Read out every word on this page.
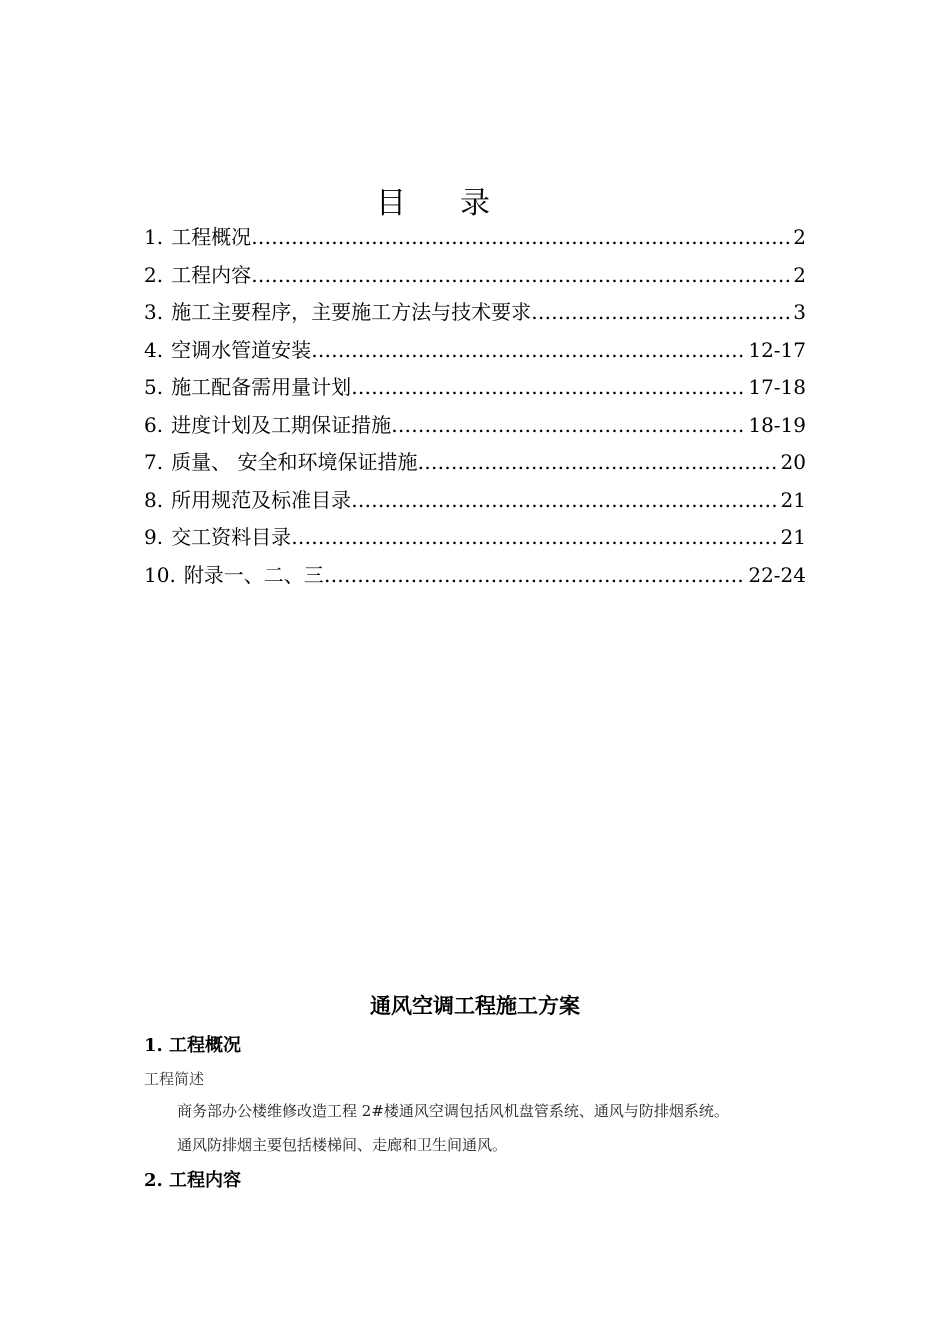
目 录
1. 工程概况 ……………………………………………………………………………………………………………………………………	2
2. 工程内容 ……………………………………………………………………………………………………………………………………	2
3. 施工主要程序，主要施工方法与技术要求 ……………………………………………………………………………………………………………………………………	3
4. 空调水管道安装 ……………………………………………………………………………………………………………………………………	12-17
5. 施工配备需用量计划 ……………………………………………………………………………………………………………………………………	17-18
6. 进度计划及工期保证措施 ……………………………………………………………………………………………………………………………………	18-19
7. 质量、 安全和环境保证措施 ……………………………………………………………………………………………………………………………………	20
8. 所用规范及标准目录 ……………………………………………………………………………………………………………………………………	21
9. 交工资料目录 ……………………………………………………………………………………………………………………………………	21
10. 附录一、二、三 ……………………………………………………………………………………………………………………………………	22-24
通风空调工程施工方案
1. 工程概况
工程简述
商务部办公楼维修改造工程 2#楼通风空调包括风机盘管系统、通风与防排烟系统。
通风防排烟主要包括楼梯间、走廊和卫生间通风。
2. 工程内容
